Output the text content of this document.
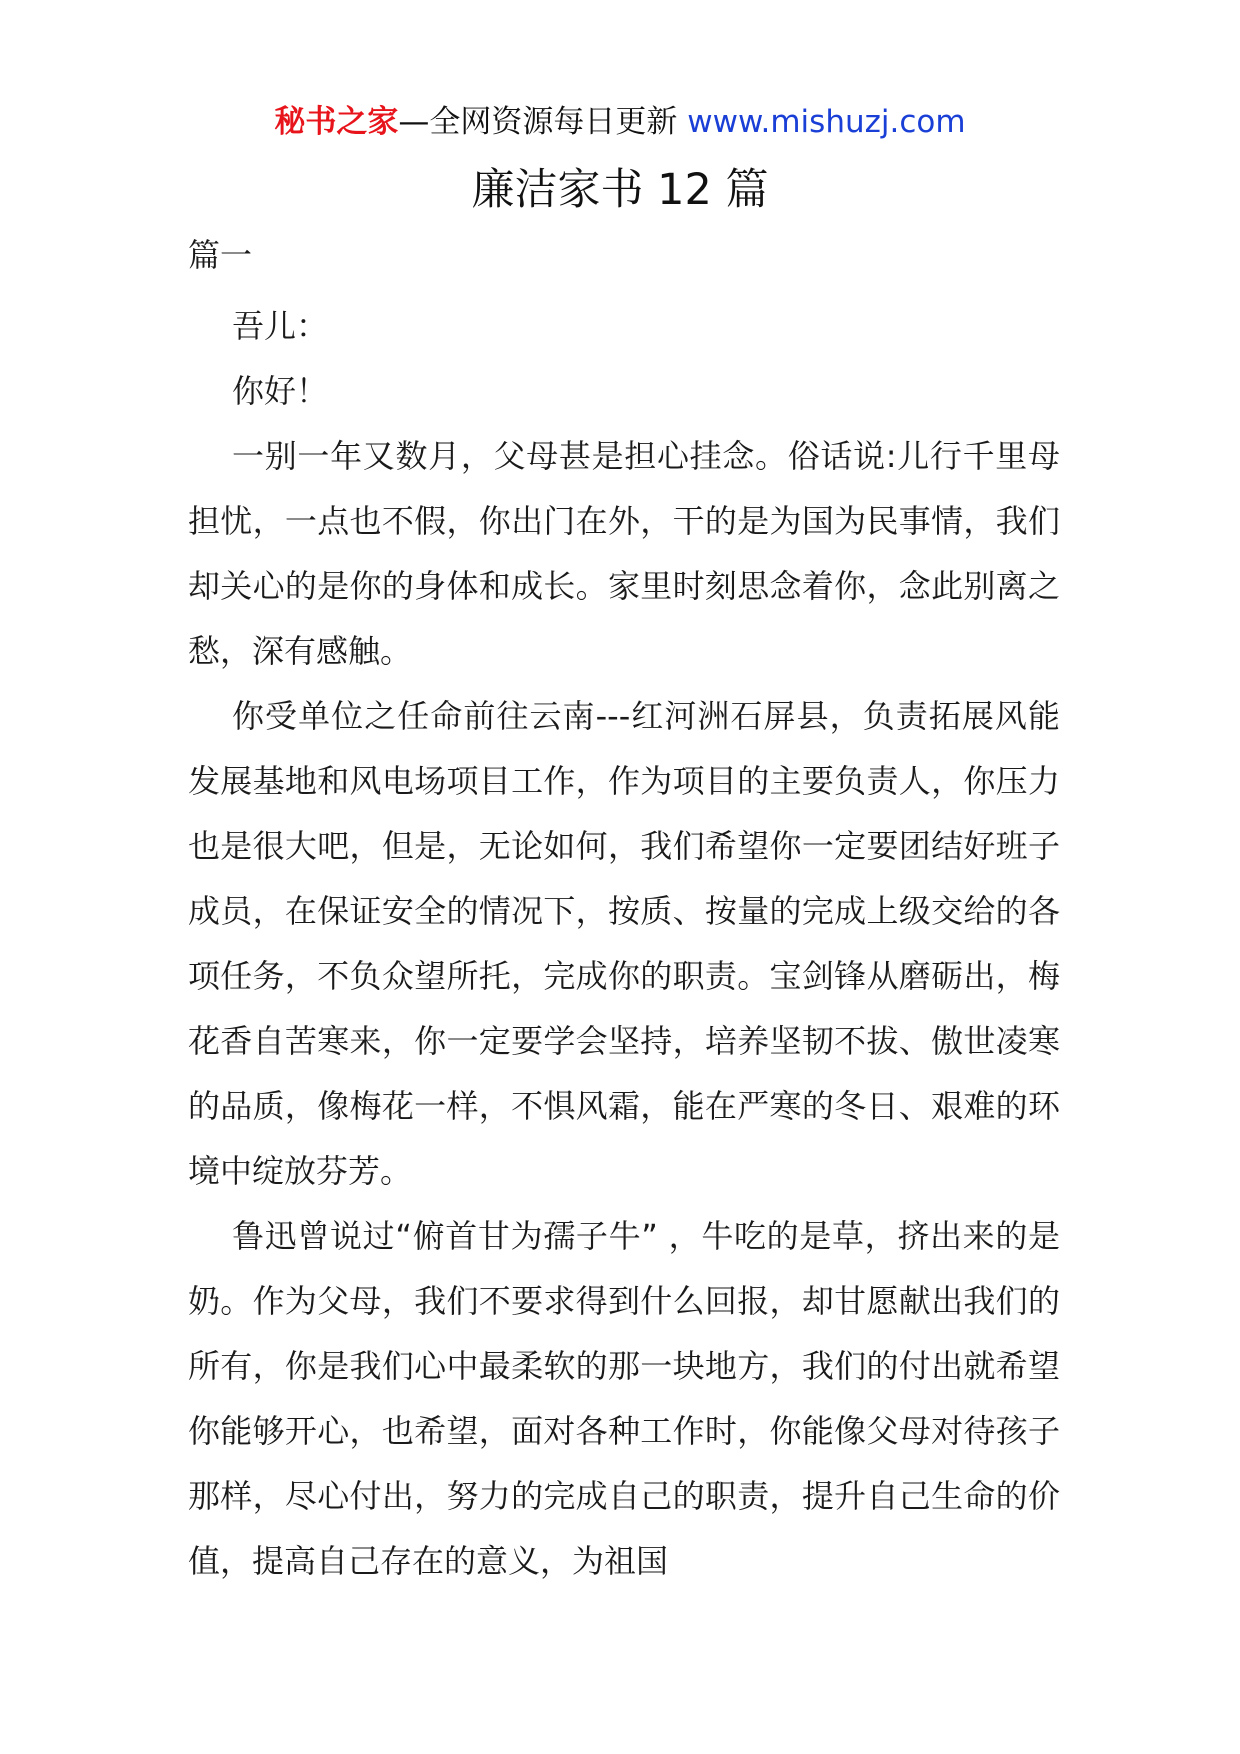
秘书之家—全网资源每日更新 www.mishuzj.com
廉洁家书 12 篇
篇一

吾儿：

你好！

一别一年又数月，父母甚是担心挂念。俗话说:儿行千里母担忧，一点也不假，你出门在外，干的是为国为民事情，我们却关心的是你的身体和成长。家里时刻思念着你，念此别离之愁，深有感触。

你受单位之任命前往云南---红河洲石屏县，负责拓展风能发展基地和风电场项目工作，作为项目的主要负责人，你压力也是很大吧，但是，无论如何，我们希望你一定要团结好班子成员，在保证安全的情况下，按质、按量的完成上级交给的各项任务，不负众望所托，完成你的职责。宝剑锋从磨砺出，梅花香自苦寒来，你一定要学会坚持，培养坚韧不拔、傲世凌寒的品质，像梅花一样，不惧风霜，能在严寒的冬日、艰难的环境中绽放芬芳。

鲁迅曾说过“俯首甘为孺子牛” ，牛吃的是草，挤出来的是奶。作为父母，我们不要求得到什么回报，却甘愿献出我们的所有，你是我们心中最柔软的那一块地方，我们的付出就希望你能够开心，也希望，面对各种工作时，你能像父母对待孩子那样，尽心付出，努力的完成自己的职责，提升自己生命的价值，提高自己存在的意义，为祖国
